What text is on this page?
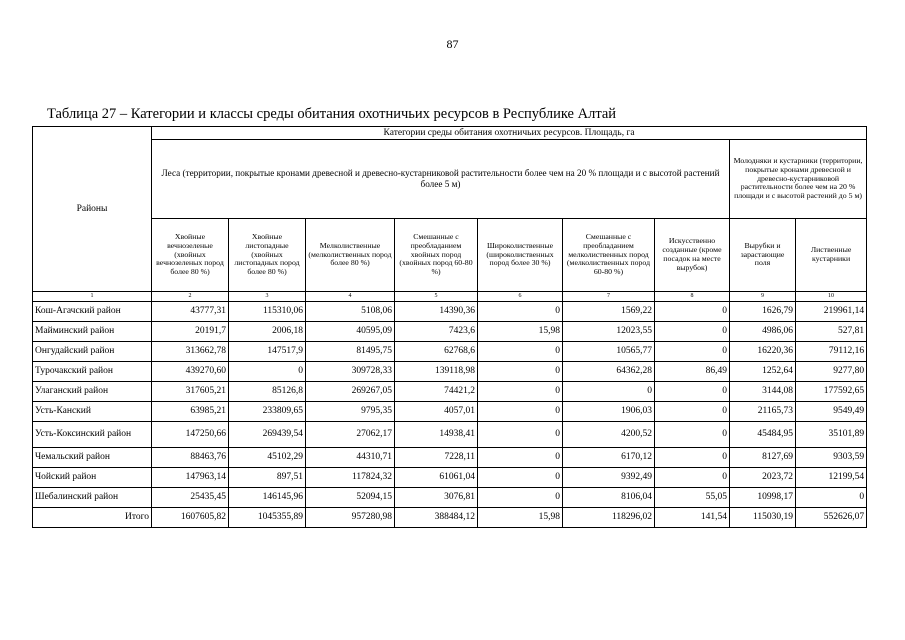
87
Таблица 27 – Категории и классы среды обитания охотничьих ресурсов в Республике Алтай
Районы	Категории среды обитания охотничьих ресурсов. Площадь, га								
	Леса (территории, покрытые кронами древесной и древесно-кустарниковой растительности более чем на 20 % площади и с высотой растений более 5 м)							Молодняки и кустарники (территории, покрытые кронами древесной и древесно-кустарниковой растительности более чем на 20 % площади и с высотой растений до 5 м)	
	Хвойные вечнозеленые (хвойных вечнозеленых пород более 80 %)	Хвойные листопадные (хвойных листопадных пород более 80 %)	Мелколиственные (мелколиственных пород более 80 %)	Смешанные с преобладанием хвойных пород (хвойных пород 60-80 %)	Широколиственные (широколиственных пород более 30 %)	Смешанные с преобладанием мелколиственных пород (мелколиственных пород 60-80 %)	Искусственно созданные (кроме посадок на месте вырубок)	Вырубки и зарастающие поля	Лиственные кустарники
1	2	3	4	5	6	7	8	9	10
Кош-Агачский район	43777,31	115310,06	5108,06	14390,36	0	1569,22	0	1626,79	219961,14
Майминский район	20191,7	2006,18	40595,09	7423,6	15,98	12023,55	0	4986,06	527,81
Онгудайский район	313662,78	147517,9	81495,75	62768,6	0	10565,77	0	16220,36	79112,16
Турочакский район	439270,60	0	309728,33	139118,98	0	64362,28	86,49	1252,64	9277,80
Улаганский район	317605,21	85126,8	269267,05	74421,2	0	0	0	3144,08	177592,65
Усть-Канский	63985,21	233809,65	9795,35	4057,01	0	1906,03	0	21165,73	9549,49
Усть-Коксинский район	147250,66	269439,54	27062,17	14938,41	0	4200,52	0	45484,95	35101,89
Чемальский район	88463,76	45102,29	44310,71	7228,11	0	6170,12	0	8127,69	9303,59
Чойский район	147963,14	897,51	117824,32	61061,04	0	9392,49	0	2023,72	12199,54
Шебалинский район	25435,45	146145,96	52094,15	3076,81	0	8106,04	55,05	10998,17	0
Итого	1607605,82	1045355,89	957280,98	388484,12	15,98	118296,02	141,54	115030,19	552626,07
